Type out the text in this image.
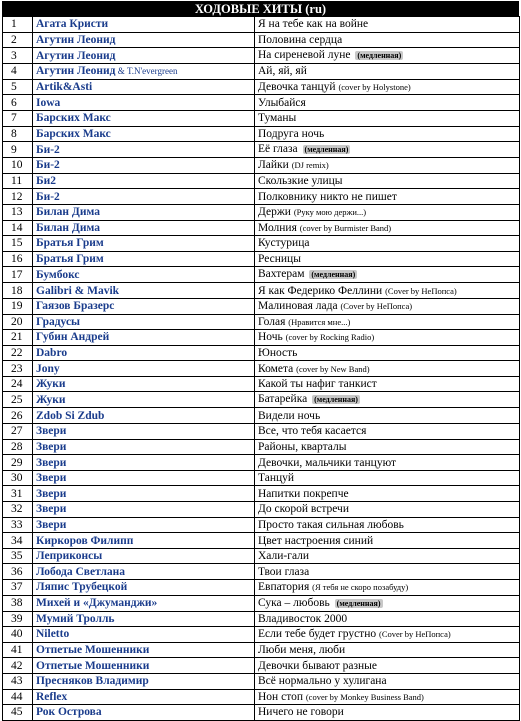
ХОДОВЫЕ ХИТЫ (ru)
1	Агата Кристи	Я на тебе как на войне
2	Агутин Леонид	Половина сердца
3	Агутин Леонид	На сиреневой луне (медленная)
4	Агутин Леонид & T.N'evergreen	Ай, яй, яй
5	Artik&Asti	Девочка танцуй (cover by Holystone)
6	Iowa	Улыбайся
7	Барских Макс	Туманы
8	Барских Макс	Подруга ночь
9	Би-2	Её глаза (медленная)
10	Би-2	Лайки (DJ remix)
11	Би2	Скользкие улицы
12	Би-2	Полковнику никто не пишет
13	Билан Дима	Держи (Руку мою держи...)
14	Билан Дима	Молния (cover by Burmister Band)
15	Братья Грим	Кустурица
16	Братья Грим	Ресницы
17	Бумбокс	Вахтерам (медленная)
18	Galibri & Mavik	Я как Федерико Феллини (Cover by НеПопса)
19	Гаязов Бразерс	Малиновая лада (Cover by НеПопса)
20	Градусы	Голая (Нравится мне...)
21	Губин Андрей	Ночь (cover by Rocking Radio)
22	Dabro	Юность
23	Jony	Комета (cover by New Band)
24	Жуки	Какой ты нафиг танкист
25	Жуки	Батарейка (медленная)
26	Zdob Si Zdub	Видели ночь
27	Звери	Все, что тебя касается
28	Звери	Районы, кварталы
29	Звери	Девочки, мальчики танцуют
30	Звери	Танцуй
31	Звери	Напитки покрепче
32	Звери	До скорой встречи
33	Звери	Просто такая сильная любовь
34	Киркоров Филипп	Цвет настроения синий
35	Леприконсы	Хали-гали
36	Лобода Светлана	Твои глаза
37	Ляпис Трубецкой	Евпатория (Я тебя не скоро позабуду)
38	Михей и «Джуманджи»	Сука – любовь (медленная)
39	Мумий Тролль	Владивосток 2000
40	Niletto	Если тебе будет грустно (Cover by НеПопса)
41	Отпетые Мошенники	Люби меня, люби
42	Отпетые Мошенники	Девочки бывают разные
43	Пресняков Владимир	Всё нормально у хулигана
44	Reflex	Нон стоп (cover by Monkey Business Band)
45	Рок Острова	Ничего не говори
